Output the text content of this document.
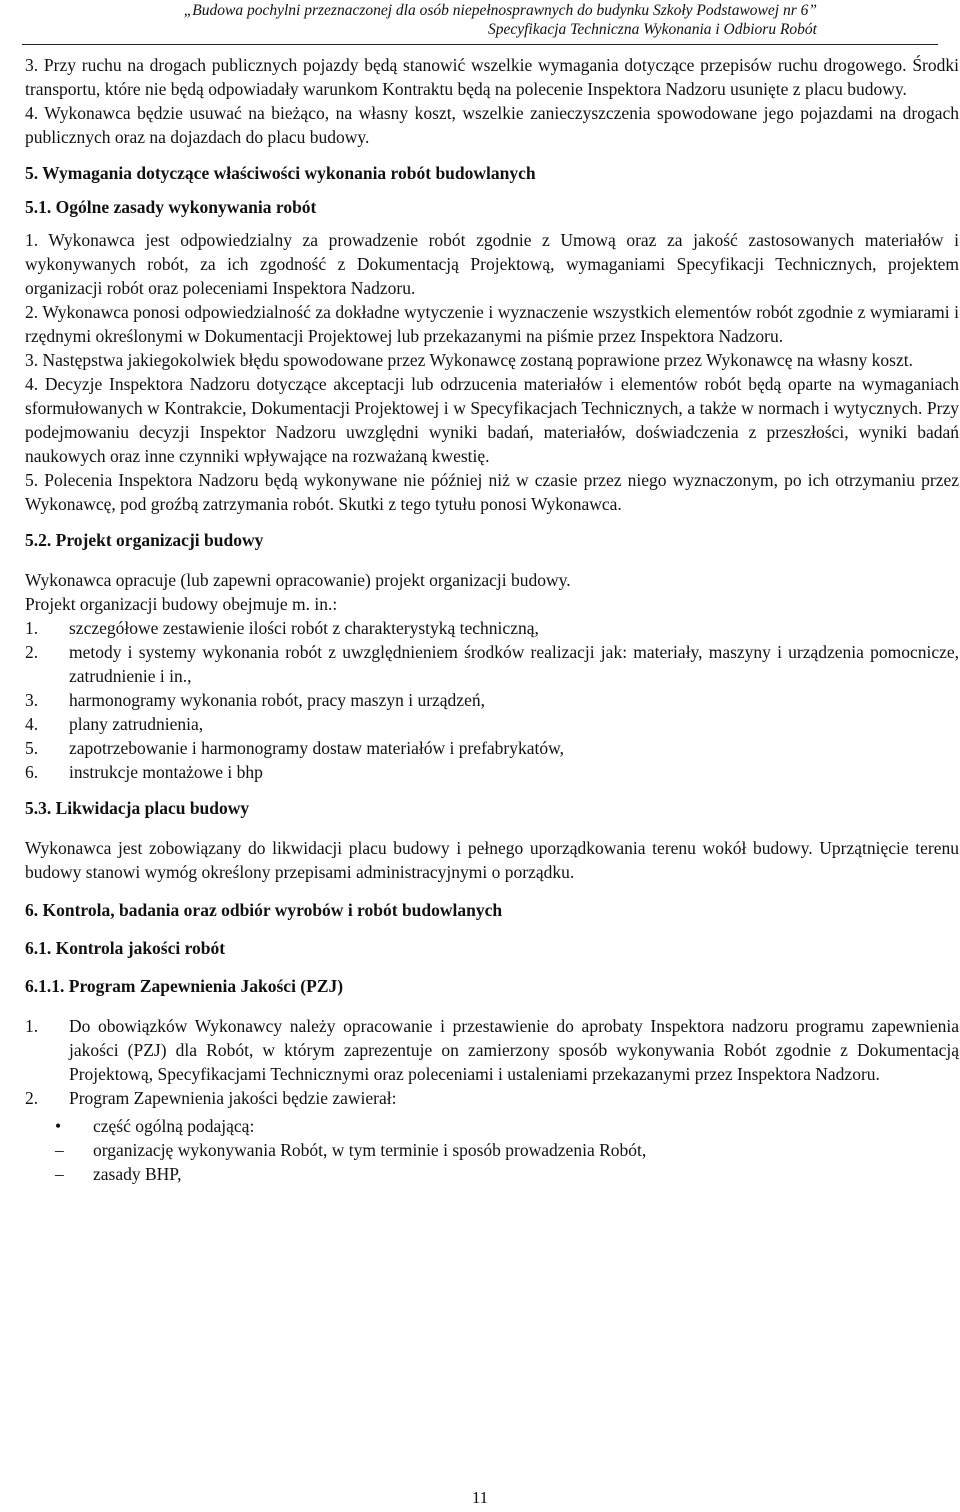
„Budowa pochylni przeznaczonej dla osób niepełnosprawnych do budynku Szkoły Podstawowej nr 6”
Specyfikacja Techniczna Wykonania i Odbioru Robót

3. Przy ruchu na drogach publicznych pojazdy będą stanowić wszelkie wymagania dotyczące przepisów ruchu drogowego. Środki transportu, które nie będą odpowiadały warunkom Kontraktu będą na polecenie Inspektora Nadzoru usunięte z placu budowy.

4. Wykonawca będzie usuwać na bieżąco, na własny koszt, wszelkie zanieczyszczenia spowodowane jego pojazdami na drogach publicznych oraz na dojazdach do placu budowy.

5. Wymagania dotyczące właściwości wykonania robót budowlanych
5.1. Ogólne zasady wykonywania robót

1. Wykonawca jest odpowiedzialny za prowadzenie robót zgodnie z Umową oraz za jakość zastosowanych materiałów i wykonywanych robót, za ich zgodność z Dokumentacją Projektową, wymaganiami Specyfikacji Technicznych, projektem organizacji robót oraz poleceniami Inspektora Nadzoru.

2. Wykonawca ponosi odpowiedzialność za dokładne wytyczenie i wyznaczenie wszystkich elementów robót zgodnie z wymiarami i rzędnymi określonymi w Dokumentacji Projektowej lub przekazanymi na piśmie przez Inspektora Nadzoru.

3. Następstwa jakiegokolwiek błędu spowodowane przez Wykonawcę zostaną poprawione przez Wykonawcę na własny koszt.

4. Decyzje Inspektora Nadzoru dotyczące akceptacji lub odrzucenia materiałów i elementów robót będą oparte na wymaganiach sformułowanych w Kontrakcie, Dokumentacji Projektowej i w Specyfikacjach Technicznych, a także w normach i wytycznych. Przy podejmowaniu decyzji Inspektor Nadzoru uwzględni wyniki badań, materiałów, doświadczenia z przeszłości, wyniki badań naukowych oraz inne czynniki wpływające na rozważaną kwestię.

5. Polecenia Inspektora Nadzoru będą wykonywane nie później niż w czasie przez niego wyznaczonym, po ich otrzymaniu przez Wykonawcę, pod groźbą zatrzymania robót. Skutki z tego tytułu ponosi Wykonawca.

5.2. Projekt organizacji budowy

Wykonawca opracuje (lub zapewni opracowanie) projekt organizacji budowy.

Projekt organizacji budowy obejmuje m. in.:

1. szczegółowe zestawienie ilości robót z charakterystyką techniczną,
2. metody i systemy wykonania robót z uwzględnieniem środków realizacji jak: materiały, maszyny i urządzenia pomocnicze, zatrudnienie i in.,
3. harmonogramy wykonania robót, pracy maszyn i urządzeń,
4. plany zatrudnienia,
5. zapotrzebowanie i harmonogramy dostaw materiałów i prefabrykatów,
6. instrukcje montażowe i bhp
5.3. Likwidacja placu budowy

Wykonawca jest zobowiązany do likwidacji placu budowy i pełnego uporządkowania terenu wokół budowy. Uprzątnięcie terenu budowy stanowi wymóg określony przepisami administracyjnymi o porządku.

6. Kontrola, badania oraz odbiór wyrobów i robót budowlanych
6.1. Kontrola jakości robót
6.1.1. Program Zapewnienia Jakości (PZJ)
1. Do obowiązków Wykonawcy należy opracowanie i przestawienie do aprobaty Inspektora nadzoru programu zapewnienia jakości (PZJ) dla Robót, w którym zaprezentuje on zamierzony sposób wykonywania Robót zgodnie z Dokumentacją Projektową, Specyfikacjami Technicznymi oraz poleceniami i ustaleniami przekazanymi przez Inspektora Nadzoru.
2. Program Zapewnienia jakości będzie zawierał:
• część ogólną podającą:
– organizację wykonywania Robót, w tym terminie i sposób prowadzenia Robót,
– zasady BHP,
11
